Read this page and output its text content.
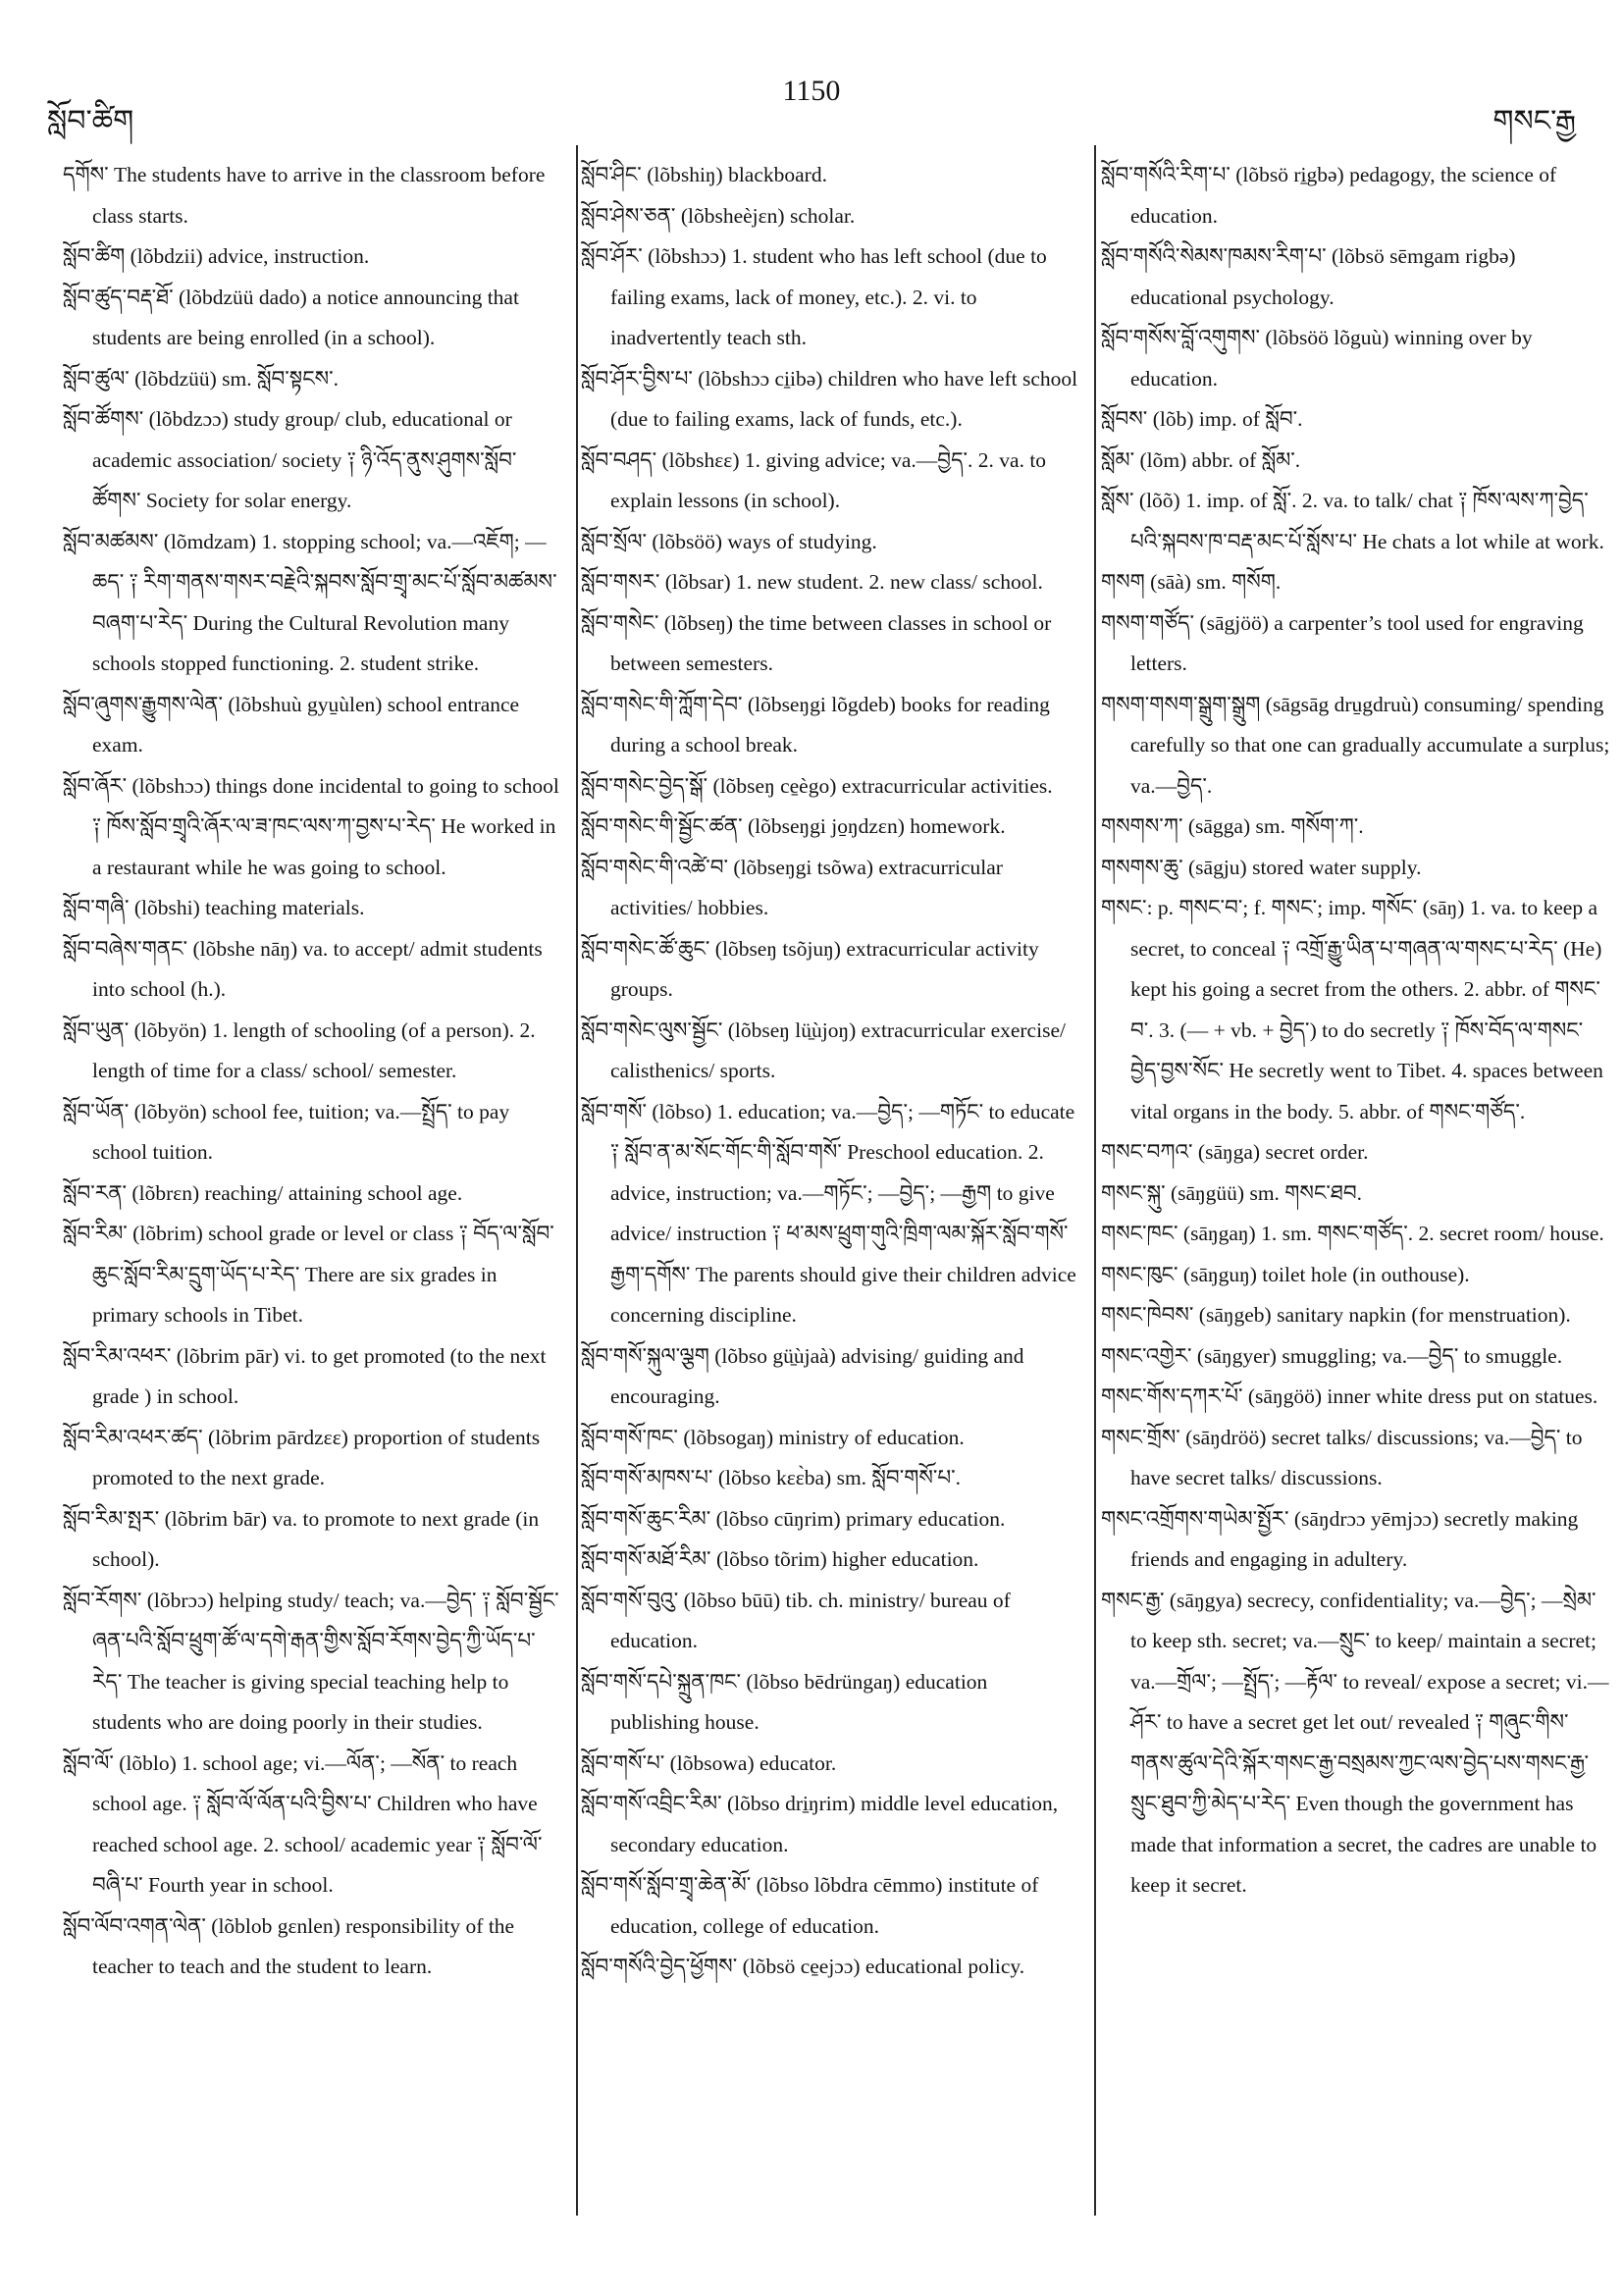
སློབ་ཚིག
1150
གསང་རྒྱ

དགོས་ The students have to arrive in the classroom before class starts.

སློབ་ཚིག (lõbdzii) advice, instruction.

སློབ་ཚུད་བརྡ་ཐོ་ (lõbdzüü dado) a notice announcing that students are being enrolled (in a school).

སློབ་ཚུལ་ (lõbdzüü) sm. སློབ་སྟངས་.

སློབ་ཚོགས་ (lõbdzɔɔ) study group/ club, educational or academic association/ society ༑ ཉི་འོད་ནུས་ཤུགས་སློབ་ཚོགས་ Society for solar energy.

སློབ་མཚམས་ (lõmdzam) 1. stopping school; va.—འཇོག; —ཆད་ ༑ རིག་གནས་གསར་བརྗེའི་སྐབས་སློབ་གྲྭ་མང་པོ་སློབ་མཚམས་བཞག་པ་རེད་ During the Cultural Revolution many schools stopped functioning. 2. student strike.

སློབ་ཞུགས་རྒྱུགས་ལེན་ (lõbshuù gyu̱ùlen) school entrance exam.

སློབ་ཞོར་ (lõbshɔɔ) things done incidental to going to school ༑ ཁོས་སློབ་གྲྭའི་ཞོར་ལ་ཟ་ཁང་ལས་ཀ་བྱས་པ་རེད་ He worked in a restaurant while he was going to school.

སློབ་གཞི་ (lõbshi) teaching materials.

སློབ་བཞེས་གནང་ (lõbshe nāŋ) va. to accept/ admit students into school (h.).

སློབ་ཡུན་ (lõbyön) 1. length of schooling (of a person). 2. length of time for a class/ school/ semester.

སློབ་ཡོན་ (lõbyön) school fee, tuition; va.—སྤྲོད་ to pay school tuition.

སློབ་རན་ (lõbrɛn) reaching/ attaining school age.

སློབ་རིམ་ (lõbrim) school grade or level or class ༑ བོད་ལ་སློབ་ཆུང་སློབ་རིམ་དྲུག་ཡོད་པ་རེད་ There are six grades in primary schools in Tibet.

སློབ་རིམ་འཕར་ (lõbrim pār) vi. to get promoted (to the next grade ) in school.

སློབ་རིམ་འཕར་ཚད་ (lõbrim pārdzɛɛ) proportion of students promoted to the next grade.

སློབ་རིམ་སྤར་ (lõbrim bār) va. to promote to next grade (in school).

སློབ་རོགས་ (lõbrɔɔ) helping study/ teach; va.—བྱེད་ ༑ སློབ་སྦྱོང་ཞན་པའི་སློབ་ཕྲུག་ཚོ་ལ་དགེ་རྒན་གྱིས་སློབ་རོགས་བྱེད་ཀྱི་ཡོད་པ་རེད་ The teacher is giving special teaching help to students who are doing poorly in their studies.

སློབ་ལོ་ (lõblo) 1. school age; vi.—ལོན་; —སོན་ to reach school age. ༑ སློབ་ལོ་ལོན་པའི་བྱིས་པ་ Children who have reached school age. 2. school/ academic year ༑ སློབ་ལོ་བཞི་པ་ Fourth year in school.

སློབ་ལོབ་འགན་ལེན་ (lõblob gɛnlen) responsibility of the teacher to teach and the student to learn.

སློབ་ཤིང་ (lõbshiŋ) blackboard.

སློབ་ཤེས་ཅན་ (lõbsheèjɛn) scholar.

སློབ་ཤོར་ (lõbshɔɔ) 1. student who has left school (due to failing exams, lack of money, etc.). 2. vi. to inadvertently teach sth.

སློབ་ཤོར་བྱིས་པ་ (lõbshɔɔ ci̱ibə) children who have left school (due to failing exams, lack of funds, etc.).

སློབ་བཤད་ (lõbshɛɛ) 1. giving advice; va.—བྱེད་. 2. va. to explain lessons (in school).

སློབ་སྲོལ་ (lõbsöö) ways of studying.

སློབ་གསར་ (lõbsar) 1. new student. 2. new class/ school.

སློབ་གསེང་ (lõbseŋ) the time between classes in school or between semesters.

སློབ་གསེང་གི་ཀློག་དེབ་ (lõbseŋgi lõgdeb) books for reading during a school break.

སློབ་གསེང་བྱེད་སྒོ་ (lõbseŋ ce̱ègo) extracurricular activities.

སློབ་གསེང་གི་སྦྱོང་ཚན་ (lõbseŋgi jo̱ŋdzɛn) homework.

སློབ་གསེང་གི་འཚེ་བ་ (lõbseŋgi tsõwa) extracurricular activities/ hobbies.

སློབ་གསེང་ཚོ་ཆུང་ (lõbseŋ tsõjuŋ) extracurricular activity groups.

སློབ་གསེང་ལུས་སྦྱོང་ (lõbseŋ lü̱ùjoŋ) extracurricular exercise/ calisthenics/ sports.

སློབ་གསོ་ (lõbso) 1. education; va.—བྱེད་; —གཏོང་ to educate ༑ སློབ་ན་མ་སོང་གོང་གི་སློབ་གསོ་ Preschool education. 2. advice, instruction; va.—གཏོང་; —བྱེད་; —རྒྱག to give advice/ instruction ༑ ཕ་མས་ཕྲུག་གུའི་ཁྲིག་ལམ་སྐོར་སློབ་གསོ་རྒྱག་དགོས་ The parents should give their children advice concerning discipline.

སློབ་གསོ་སྐུལ་ལྕག (lõbso gü̱ùjaà) advising/ guiding and encouraging.

སློབ་གསོ་ཁང་ (lõbsogaŋ) ministry of education.

སློབ་གསོ་མཁས་པ་ (lõbso kɛɛ̀ba) sm. སློབ་གསོ་པ་.

སློབ་གསོ་ཆུང་རིམ་ (lõbso cūŋrim) primary education.

སློབ་གསོ་མཐོ་རིམ་ (lõbso tõrim) higher education.

སློབ་གསོ་བུའུ་ (lõbso būū) tib. ch. ministry/ bureau of education.

སློབ་གསོ་དཔེ་སྐྲུན་ཁང་ (lõbso bēdrüngaŋ) education publishing house.

སློབ་གསོ་པ་ (lõbsowa) educator.

སློབ་གསོ་འབྲིང་རིམ་ (lõbso dri̱ŋrim) middle level education, secondary education.

སློབ་གསོ་སློབ་གྲྭ་ཆེན་མོ་ (lõbso lõbdra cēmmo) institute of education, college of education.

སློབ་གསོའི་བྱེད་ཕྱོགས་ (lõbsö ce̱ejɔɔ) educational policy.

སློབ་གསོའི་རིག་པ་ (lõbsö ri̱gbə) pedagogy, the science of education.

སློབ་གསོའི་སེམས་ཁམས་རིག་པ་ (lõbsö sēmgam rigbə) educational psychology.

སློབ་གསོས་བློ་འགུགས་ (lõbsöö lõguù) winning over by education.

སློབས་ (lõb) imp. of སློབ་.

སློམ་ (lõm) abbr. of སློམ་.

སློས་ (lõõ) 1. imp. of སློ་. 2. va. to talk/ chat ༑ ཁོས་ལས་ཀ་བྱེད་པའི་སྐབས་ཁ་བརྡ་མང་པོ་སློས་པ་ He chats a lot while at work.

གསག (sāà) sm. གསོག.

གསག་གཙོད་ (sāgjöö) a carpenter’s tool used for engraving letters.

གསག་གསག་སྒྲུག་སྒྲུག (sāgsāg dru̱gdruù) consuming/ spending carefully so that one can gradually accumulate a surplus; va.—བྱེད་.

གསགས་ཀ་ (sāgga) sm. གསོག་ཀ་.

གསགས་ཆུ་ (sāgju) stored water supply.

གསང་: p. གསང་བ་; f. གསང་; imp. གསོང་ (sāŋ) 1. va. to keep a secret, to conceal ༑ འགྲོ་རྒྱུ་ཡིན་པ་གཞན་ལ་གསང་པ་རེད་ (He) kept his going a secret from the others. 2. abbr. of གསང་བ་. 3. (— + vb. + བྱེད་) to do secretly ༑ ཁོས་བོད་ལ་གསང་བྱེད་བྱས་སོང་ He secretly went to Tibet. 4. spaces between vital organs in the body. 5. abbr. of གསང་གཙོད་.

གསང་བཀའ་ (sāŋga) secret order.

གསང་སྐུ་ (sāŋgüü) sm. གསང་ཐབ.

གསང་ཁང་ (sāŋgaŋ) 1. sm. གསང་གཙོད་. 2. secret room/ house.

གསང་ཁུང་ (sāŋguŋ) toilet hole (in outhouse).

གསང་ཁེབས་ (sāŋgeb) sanitary napkin (for menstruation).

གསང་འགྱེར་ (sāŋgyer) smuggling; va.—བྱེད་ to smuggle.

གསང་གོས་དཀར་པོ་ (sāŋgöö) inner white dress put on statues.

གསང་གྲོས་ (sāŋdröö) secret talks/ discussions; va.—བྱེད་ to have secret talks/ discussions.

གསང་འགྲོགས་གཡེམ་སྤྱོར་ (sāŋdrɔɔ yēmjɔɔ) secretly making friends and engaging in adultery.

གསང་རྒྱ་ (sāŋgya) secrecy, confidentiality; va.—བྱེད་; —སྲེམ་ to keep sth. secret; va.—སྲུང་ to keep/ maintain a secret; va.—གྲོལ་; —སྤྲོད་; —རྟོལ་ to reveal/ expose a secret; vi.—ཤོར་ to have a secret get let out/ revealed ༑ གཞུང་གིས་གནས་ཚུལ་དེའི་སྐོར་གསང་རྒྱ་བསྲམས་ཀྱང་ལས་བྱེད་པས་གསང་རྒྱ་སྲུང་ཐུབ་ཀྱི་མེད་པ་རེད་ Even though the government has made that information a secret, the cadres are unable to keep it secret.
